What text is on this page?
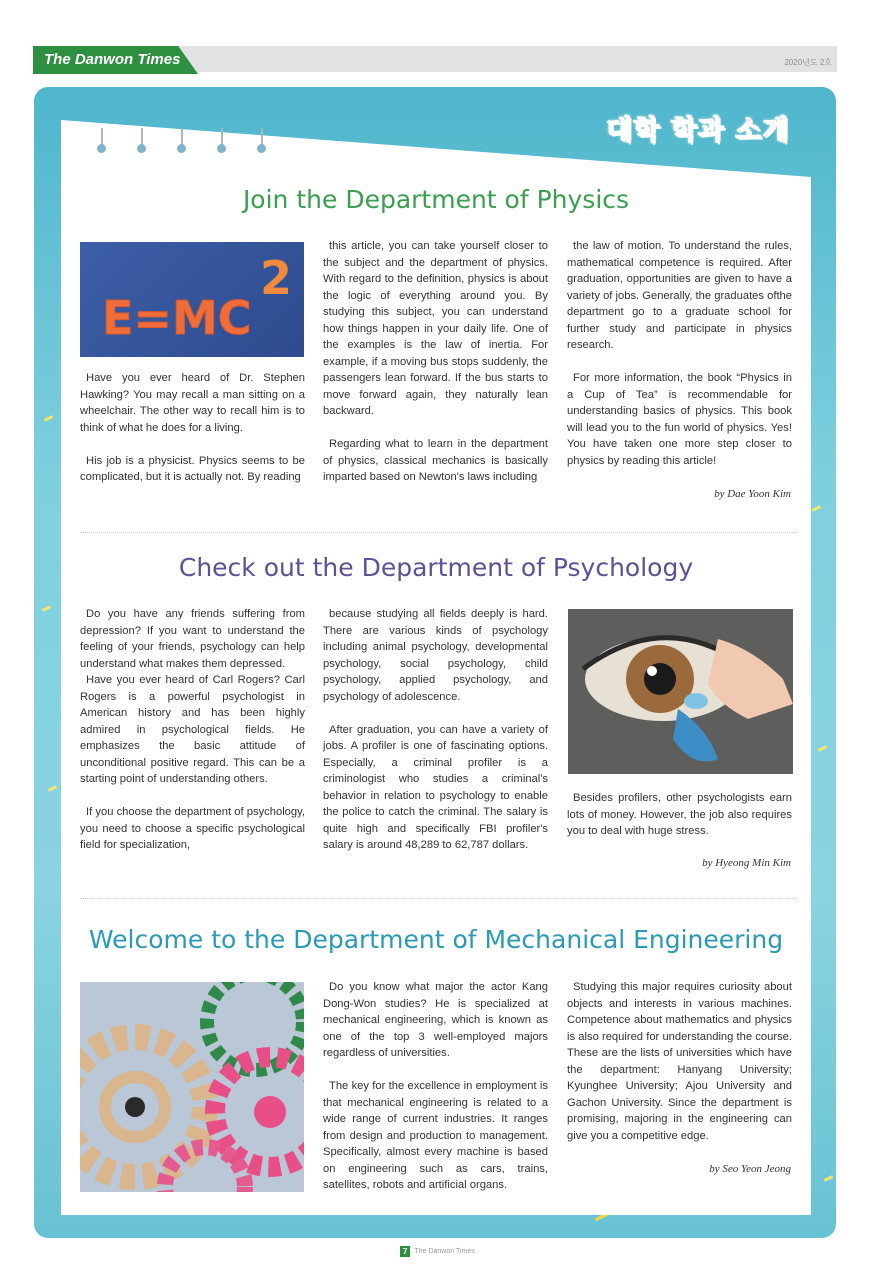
The Danwon Times	2020년도 2호
대학 학과 소개
Join the Department of Physics
E=MC
2

Have you ever heard of Dr. Stephen Hawking? You may recall a man sitting on a wheelchair. The other way to recall him is to think of what he does for a living.

His job is a physicist. Physics seems to be complicated, but it is actually not. By reading

this article, you can take yourself closer to the subject and the department of physics. With regard to the definition, physics is about the logic of everything around you. By studying this subject, you can understand how things happen in your daily life. One of the examples is the law of inertia. For example, if a moving bus stops suddenly, the passengers lean forward. If the bus starts to move forward again, they naturally lean backward.

Regarding what to learn in the department of physics, classical mechanics is basically imparted based on Newton's laws including

the law of motion. To understand the rules, mathematical competence is required. After graduation, opportunities are given to have a variety of jobs. Generally, the graduates ofthe department go to a graduate school for further study and participate in physics research.

For more information, the book “Physics in a Cup of Tea” is recommendable for understanding basics of physics. This book will lead you to the fun world of physics. Yes! You have taken one more step closer to physics by reading this article!

by Dae Yoon Kim
Check out the Department of Psychology

Do you have any friends suffering from depression? If you want to understand the feeling of your friends, psychology can help understand what makes them depressed.

Have you ever heard of Carl Rogers? Carl Rogers is a powerful psychologist in American history and has been highly admired in psychological fields. He emphasizes the basic attitude of unconditional positive regard. This can be a starting point of understanding others.

If you choose the department of psychology, you need to choose a specific psychological field for specialization,

because studying all fields deeply is hard. There are various kinds of psychology including animal psychology, developmental psychology, social psychology, child psychology, applied psychology, and psychology of adolescence.

After graduation, you can have a variety of jobs. A profiler is one of fascinating options. Especially, a criminal profiler is a criminologist who studies a criminal's behavior in relation to psychology to enable the police to catch the criminal. The salary is quite high and specifically FBI profiler's salary is around 48,289 to 62,787 dollars.

Besides profilers, other psychologists earn lots of money. However, the job also requires you to deal with huge stress.

by Hyeong Min Kim
Welcome to the Department of Mechanical Engineering

Do you know what major the actor Kang Dong-Won studies? He is specialized at mechanical engineering, which is known as one of the top 3 well-employed majors regardless of universities.

The key for the excellence in employment is that mechanical engineering is related to a wide range of current industries. It ranges from design and production to management. Specifically, almost every machine is based on engineering such as cars, trains, satellites, robots and artificial organs.

Studying this major requires curiosity about objects and interests in various machines. Competence about mathematics and physics is also required for understanding the course. These are the lists of universities which have the department: Hanyang University; Kyunghee University; Ajou University and Gachon University. Since the department is promising, majoring in the engineering can give you a competitive edge.

by Seo Yeon Jeong
7	The Danwon Times
